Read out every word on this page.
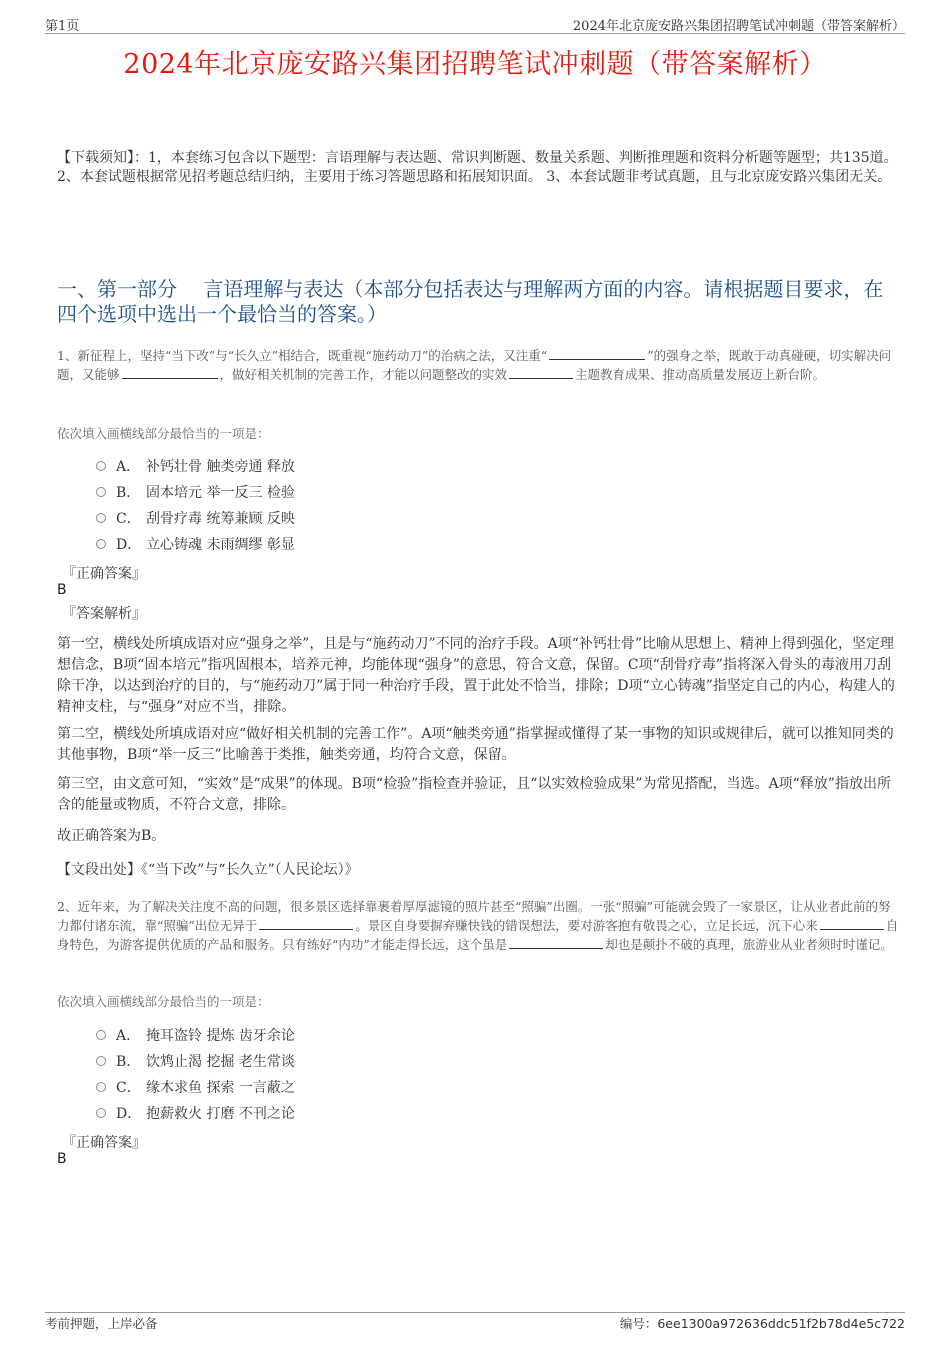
第1页	2024年北京庞安路兴集团招聘笔试冲刺题（带答案解析）
2024年北京庞安路兴集团招聘笔试冲刺题（带答案解析）
【下载须知】：1，本套练习包含以下题型：言语理解与表达题、常识判断题、数量关系题、判断推理题和资料分析题等题型；共135道。 2、本套试题根据常见招考题总结归纳，主要用于练习答题思路和拓展知识面。 3、本套试题非考试真题，且与北京庞安路兴集团无关。
一、第一部分　 言语理解与表达（本部分包括表达与理解两方面的内容。请根据题目要求，在四个选项中选出一个最恰当的答案。）
1、新征程上，坚持“当下改”与“长久立”相结合，既重视“施药动刀”的治病之法，又注重“	”的强身之举，既敢于动真碰硬，切实解决问题，又能够	，做好相关机制的完善工作，才能以问题整改的实效	主题教育成果、推动高质量发展迈上新台阶。
依次填入画横线部分最恰当的一项是：
A． 补钙壮骨 触类旁通 释放
B． 固本培元 举一反三 检验
C． 刮骨疗毒 统筹兼顾 反映
D． 立心铸魂 未雨绸缪 彰显
『正确答案』
B
『答案解析』
第一空，横线处所填成语对应“强身之举”，且是与“施药动刀”不同的治疗手段。A项“补钙壮骨”比喻从思想上、精神上得到强化，坚定理想信念，B项“固本培元”指巩固根本，培养元神，均能体现“强身”的意思，符合文意，保留。C项“刮骨疗毒”指将深入骨头的毒液用刀刮除干净，以达到治疗的目的，与“施药动刀”属于同一种治疗手段，置于此处不恰当，排除；D项“立心铸魂”指坚定自己的内心，构建人的精神支柱，与“强身”对应不当，排除。
第二空，横线处所填成语对应“做好相关机制的完善工作”。A项“触类旁通”指掌握或懂得了某一事物的知识或规律后，就可以推知同类的其他事物，B项“举一反三”比喻善于类推，触类旁通，均符合文意，保留。
第三空，由文意可知，“实效”是“成果”的体现。B项“检验”指检查并验证，且“以实效检验成果”为常见搭配，当选。A项“释放”指放出所含的能量或物质，不符合文意，排除。
故正确答案为B。
【文段出处】《“当下改”与“长久立”（人民论坛）》
2、近年来，为了解决关注度不高的问题，很多景区选择靠裹着厚厚滤镜的照片甚至“照骗”出圈。一张“照骗”可能就会毁了一家景区，让从业者此前的努力都付诸东流，靠“照骗”出位无异于	。景区自身要摒弃赚快钱的错误想法，要对游客抱有敬畏之心，立足长远，沉下心来	自身特色，为游客提供优质的产品和服务。只有练好“内功”才能走得长远，这个虽是	却也是颠扑不破的真理，旅游业从业者须时时谨记。
依次填入画横线部分最恰当的一项是：
A． 掩耳盗铃 提炼 齿牙余论
B． 饮鸩止渴 挖掘 老生常谈
C． 缘木求鱼 探索 一言蔽之
D． 抱薪救火 打磨 不刊之论
『正确答案』
B
考前押题，上岸必备	编号：6ee1300a972636ddc51f2b78d4e5c722
